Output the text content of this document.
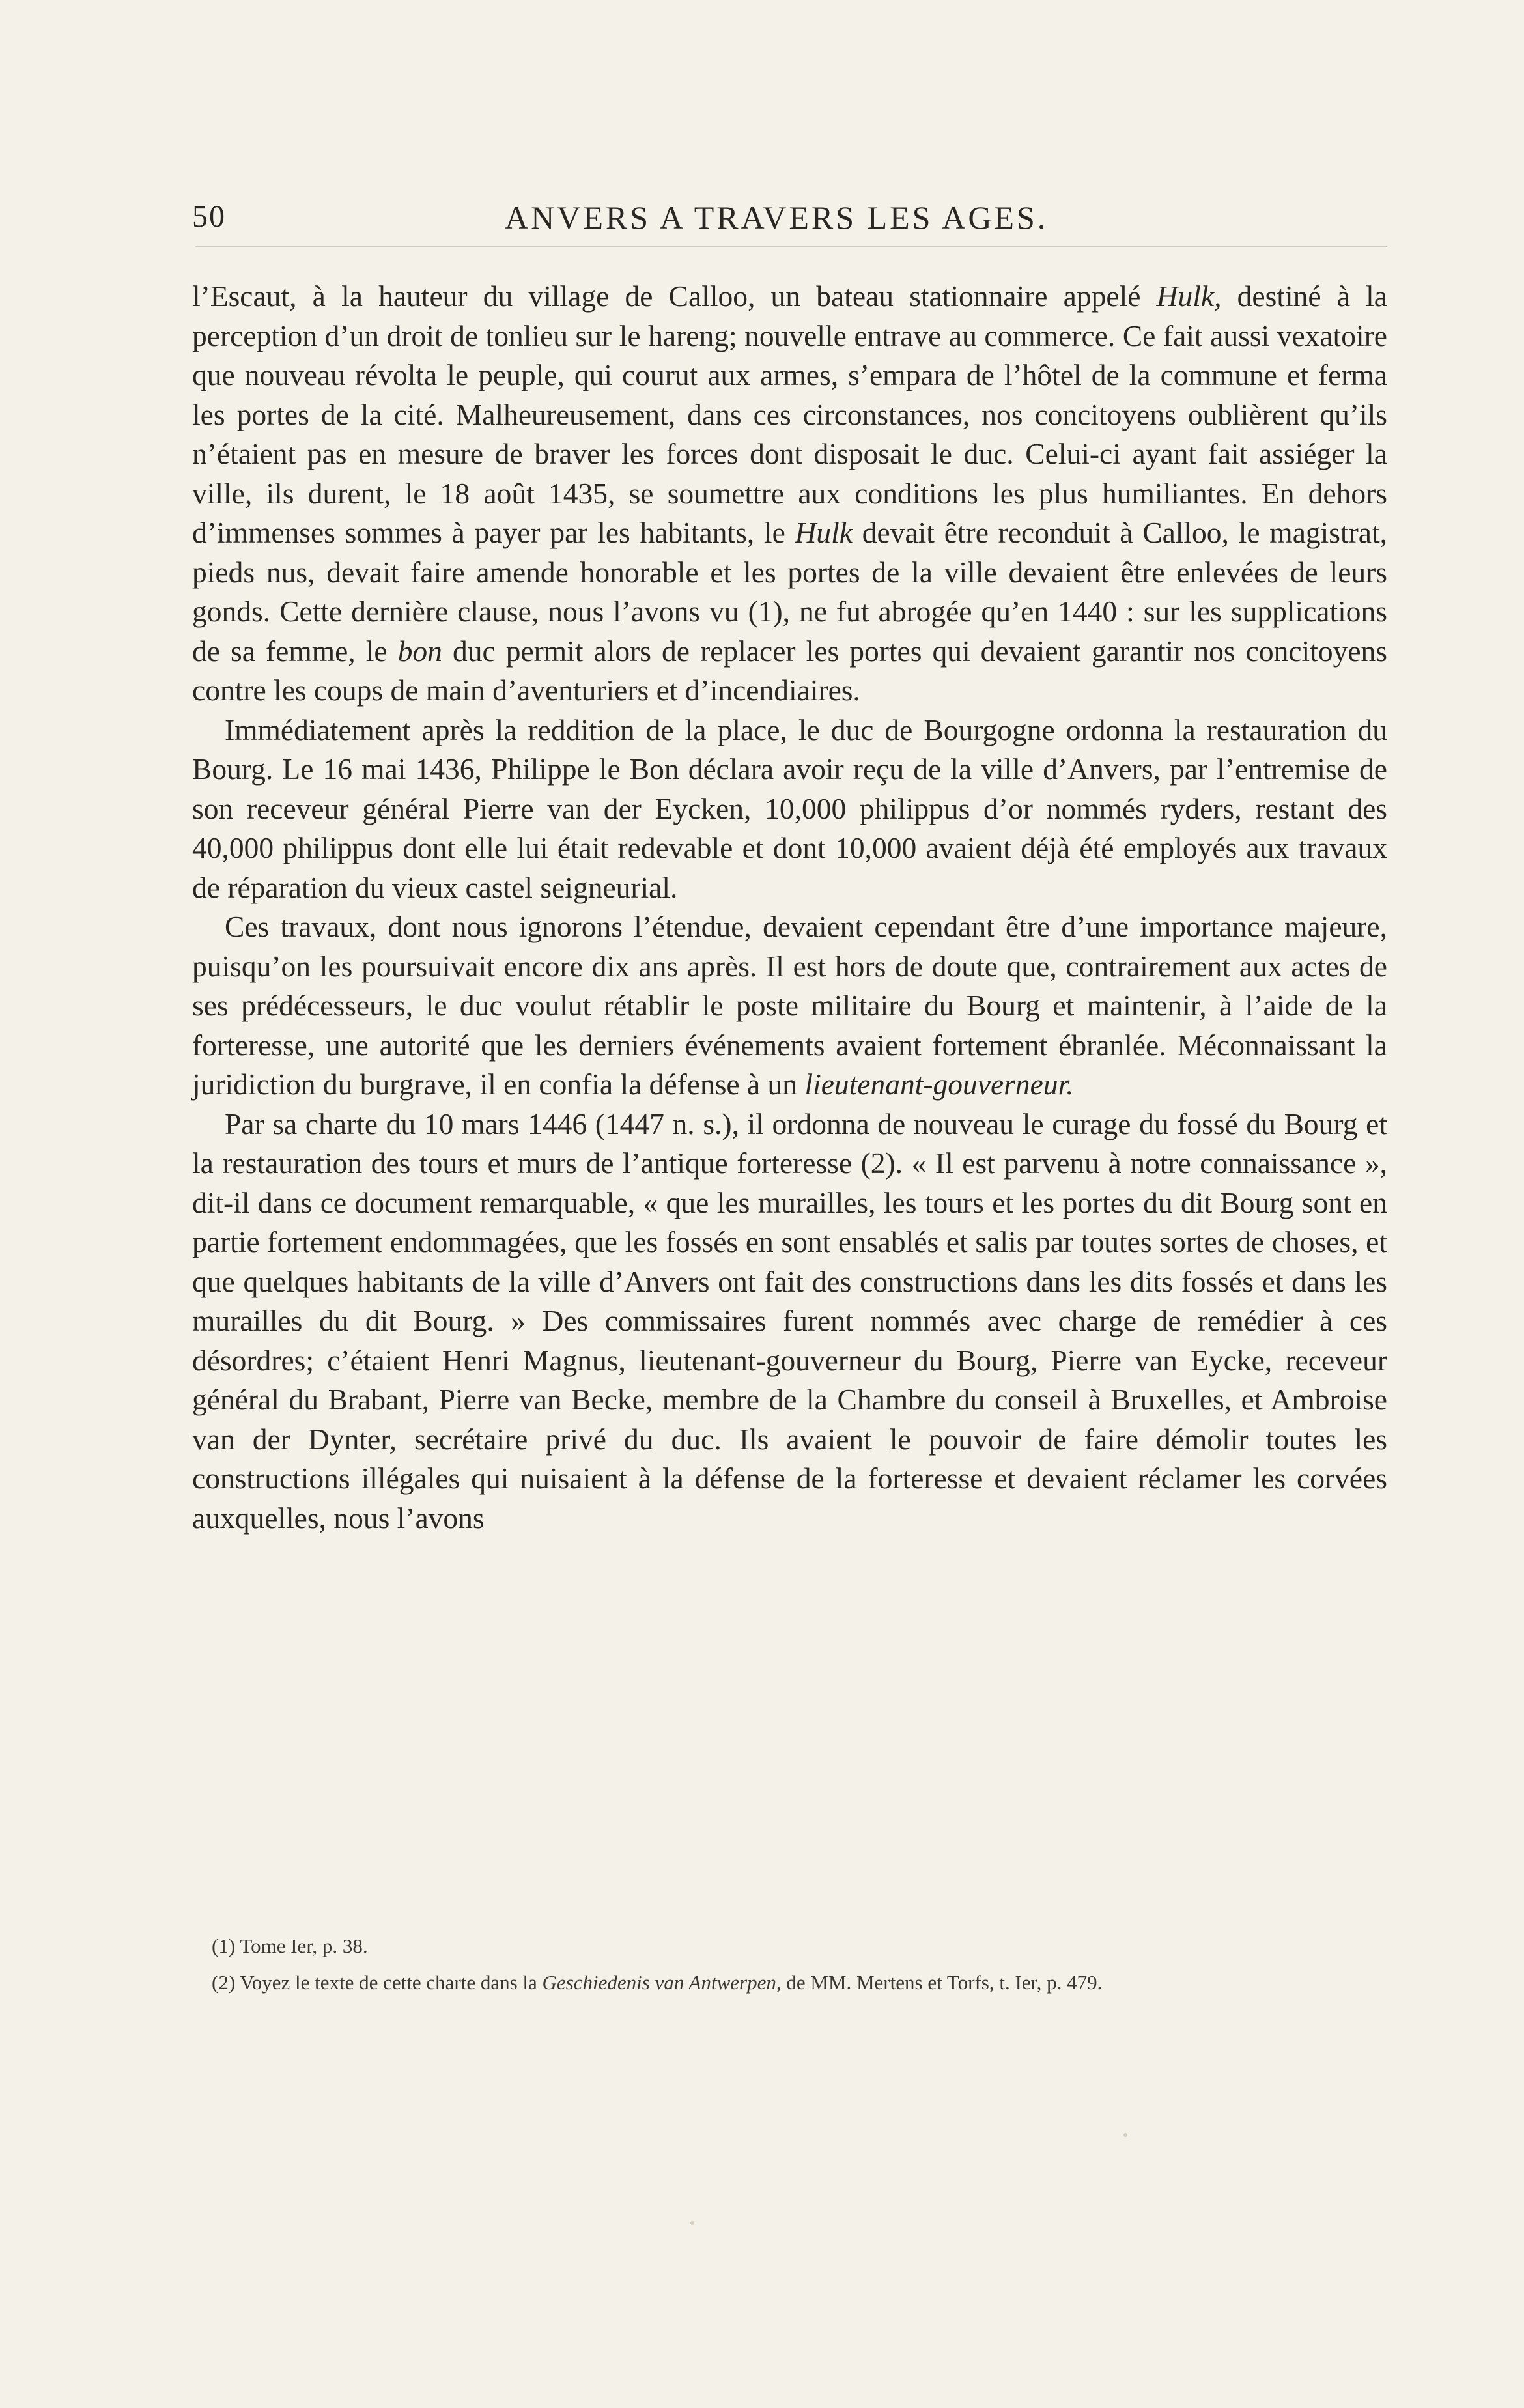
50	ANVERS A TRAVERS LES AGES.

l’Escaut, à la hauteur du village de Calloo, un bateau stationnaire appelé Hulk, destiné à la perception d’un droit de tonlieu sur le hareng; nouvelle entrave au commerce. Ce fait aussi vexatoire que nouveau révolta le peuple, qui courut aux armes, s’empara de l’hôtel de la commune et ferma les portes de la cité. Malheureusement, dans ces circonstances, nos concitoyens oublièrent qu’ils n’étaient pas en mesure de braver les forces dont disposait le duc. Celui-ci ayant fait assiéger la ville, ils durent, le 18 août 1435, se soumettre aux conditions les plus humiliantes. En dehors d’immenses sommes à payer par les habitants, le Hulk devait être reconduit à Calloo, le magistrat, pieds nus, devait faire amende honorable et les portes de la ville devaient être enlevées de leurs gonds. Cette dernière clause, nous l’avons vu (1), ne fut abrogée qu’en 1440 : sur les supplications de sa femme, le bon duc permit alors de replacer les portes qui devaient garantir nos concitoyens contre les coups de main d’aventuriers et d’incendiaires.

Immédiatement après la reddition de la place, le duc de Bourgogne ordonna la restauration du Bourg. Le 16 mai 1436, Philippe le Bon déclara avoir reçu de la ville d’Anvers, par l’entremise de son receveur général Pierre van der Eycken, 10,000 philippus d’or nommés ryders, restant des 40,000 philippus dont elle lui était redevable et dont 10,000 avaient déjà été employés aux travaux de réparation du vieux castel seigneurial.

Ces travaux, dont nous ignorons l’étendue, devaient cependant être d’une importance majeure, puisqu’on les poursuivait encore dix ans après. Il est hors de doute que, contrairement aux actes de ses prédécesseurs, le duc voulut rétablir le poste militaire du Bourg et maintenir, à l’aide de la forteresse, une autorité que les derniers événements avaient fortement ébranlée. Méconnaissant la juridiction du burgrave, il en confia la défense à un lieutenant-gouverneur.

Par sa charte du 10 mars 1446 (1447 n. s.), il ordonna de nouveau le curage du fossé du Bourg et la restauration des tours et murs de l’antique forteresse (2). « Il est parvenu à notre connaissance », dit-il dans ce document remarquable, « que les murailles, les tours et les portes du dit Bourg sont en partie fortement endommagées, que les fossés en sont ensablés et salis par toutes sortes de choses, et que quelques habitants de la ville d’Anvers ont fait des constructions dans les dits fossés et dans les murailles du dit Bourg. » Des commissaires furent nommés avec charge de remédier à ces désordres; c’étaient Henri Magnus, lieutenant-gouverneur du Bourg, Pierre van Eycke, receveur général du Brabant, Pierre van Becke, membre de la Chambre du conseil à Bruxelles, et Ambroise van der Dynter, secrétaire privé du duc. Ils avaient le pouvoir de faire démolir toutes les constructions illégales qui nuisaient à la défense de la forteresse et devaient réclamer les corvées auxquelles, nous l’avons

(1) Tome Ier, p. 38.

(2) Voyez le texte de cette charte dans la Geschiedenis van Antwerpen, de MM. Mertens et Torfs, t. Ier, p. 479.
